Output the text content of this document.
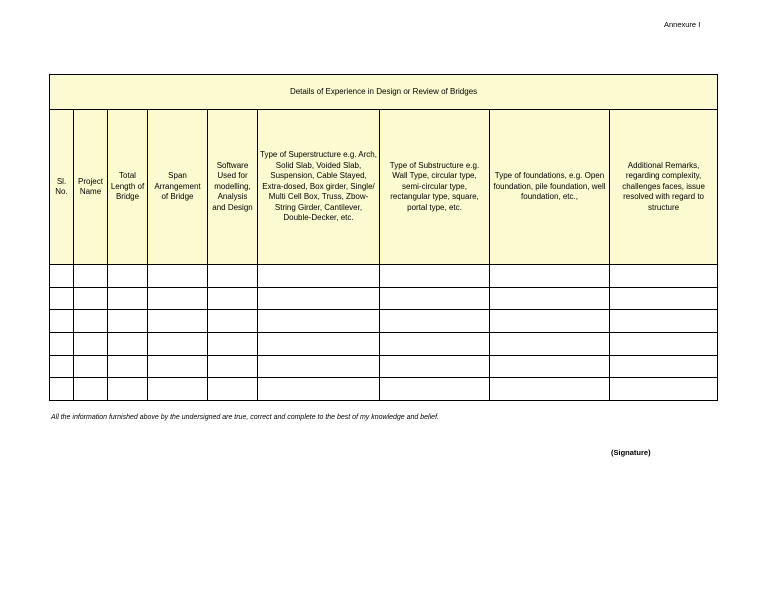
Annexure I
Details of Experience in Design or Review of Bridges								
Sl. No.	Project Name	Total Length of Bridge	Span Arrangement of Bridge	Software Used for modelling, Analysis and Design	Type of Superstructure e.g. Arch, Solid Slab, Voided Slab, Suspension, Cable Stayed, Extra-dosed, Box girder, Single/ Multi Cell Box, Truss, Zbow-String Girder, Cantilever, Double-Decker, etc.	Type of Substructure e.g. Wall Type, circular type, semi-circular type, rectangular type, square, portal type, etc.	Type of foundations, e.g. Open foundation, pile foundation, well foundation, etc.,	Additional Remarks, regarding complexity, challenges faces, issue resolved with regard to structure

All the information furnished above by the undersigned are true, correct and complete to the best of my knowledge and belief.
(Signature)
